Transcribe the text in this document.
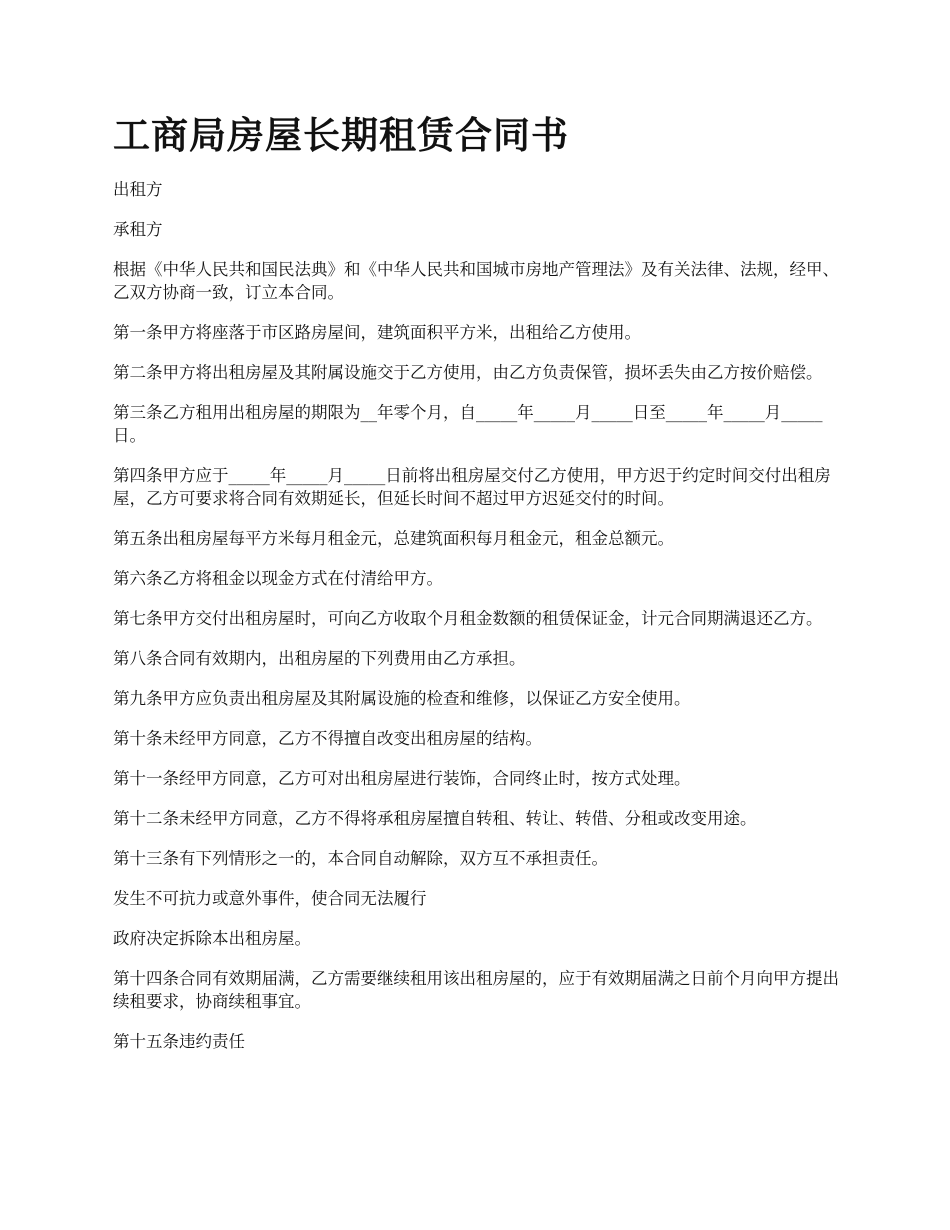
工商局房屋长期租赁合同书

出租方

承租方

根据《中华人民共和国民法典》和《中华人民共和国城市房地产管理法》及有关法律、法规，经甲、乙双方协商一致，订立本合同。

第一条甲方将座落于市区路房屋间，建筑面积平方米，出租给乙方使用。

第二条甲方将出租房屋及其附属设施交于乙方使用，由乙方负责保管，损坏丢失由乙方按价赔偿。

第三条乙方租用出租房屋的期限为__年零个月，自_____年_____月_____日至_____年_____月_____日。

第四条甲方应于_____年_____月_____日前将出租房屋交付乙方使用，甲方迟于约定时间交付出租房屋，乙方可要求将合同有效期延长，但延长时间不超过甲方迟延交付的时间。

第五条出租房屋每平方米每月租金元，总建筑面积每月租金元，租金总额元。

第六条乙方将租金以现金方式在付清给甲方。

第七条甲方交付出租房屋时，可向乙方收取个月租金数额的租赁保证金，计元合同期满退还乙方。

第八条合同有效期内，出租房屋的下列费用由乙方承担。

第九条甲方应负责出租房屋及其附属设施的检查和维修，以保证乙方安全使用。

第十条未经甲方同意，乙方不得擅自改变出租房屋的结构。

第十一条经甲方同意，乙方可对出租房屋进行装饰，合同终止时，按方式处理。

第十二条未经甲方同意，乙方不得将承租房屋擅自转租、转让、转借、分租或改变用途。

第十三条有下列情形之一的，本合同自动解除，双方互不承担责任。

发生不可抗力或意外事件，使合同无法履行

政府决定拆除本出租房屋。

第十四条合同有效期届满，乙方需要继续租用该出租房屋的，应于有效期届满之日前个月向甲方提出续租要求，协商续租事宜。

第十五条违约责任
